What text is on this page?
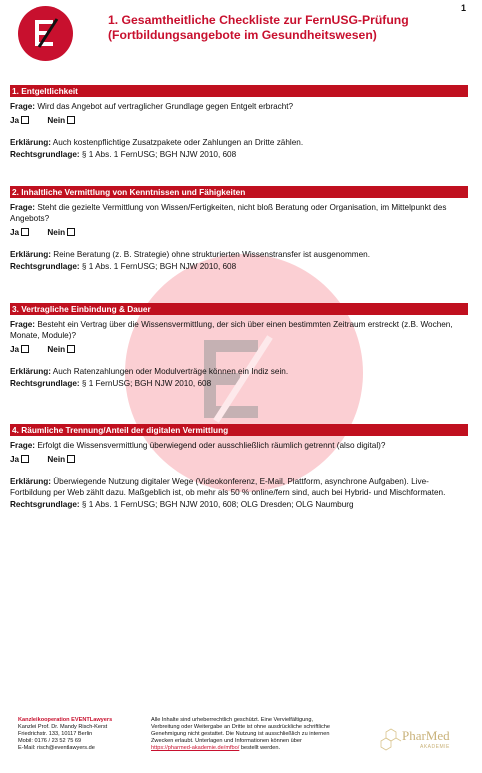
1. Gesamtheitliche Checkliste zur FernUSG-Prüfung
(Fortbildungsangebote im Gesundheitswesen)
1
1. Entgeltlichkeit
Frage: Wird das Angebot auf vertraglicher Grundlage gegen Entgelt erbracht?
Ja	Nein
Erklärung: Auch kostenpflichtige Zusatzpakete oder Zahlungen an Dritte zählen.
Rechtsgrundlage: § 1 Abs. 1 FernUSG; BGH NJW 2010, 608
2. Inhaltliche Vermittlung von Kenntnissen und Fähigkeiten
Frage: Steht die gezielte Vermittlung von Wissen/Fertigkeiten, nicht bloß Beratung oder Organisation, im Mittelpunkt des Angebots?
Ja	Nein
Erklärung: Reine Beratung (z. B. Strategie) ohne strukturierten Wissenstransfer ist ausgenommen.
Rechtsgrundlage: § 1 Abs. 1 FernUSG; BGH NJW 2010, 608
3. Vertragliche Einbindung & Dauer
Frage: Besteht ein Vertrag über die Wissensvermittlung, der sich über einen bestimmten Zeitraum erstreckt (z.B. Wochen, Monate, Module)?
Ja	Nein
Erklärung: Auch Ratenzahlungen oder Modulverträge können ein Indiz sein.
Rechtsgrundlage: § 1 FernUSG; BGH NJW 2010, 608
4. Räumliche Trennung/Anteil der digitalen Vermittlung
Frage: Erfolgt die Wissensvermittlung überwiegend oder ausschließlich räumlich getrennt (also digital)?
Ja	Nein
Erklärung: Überwiegende Nutzung digitaler Wege (Videokonferenz, E-Mail, Plattform, asynchrone Aufgaben). Live-Fortbildung per Web zählt dazu. Maßgeblich ist, ob mehr als 50 % online/fern sind, auch bei Hybrid- und Mischformaten.
Rechtsgrundlage: § 1 Abs. 1 FernUSG; BGH NJW 2010, 608; OLG Dresden; OLG Naumburg
Kanzleikooperation EVENTLawyers
Kanzlei Prof. Dr. Mandy Risch-Kerst
Friedrichstr. 133, 10117 Berlin
Mobil: 0176 / 23 52 75 69
E-Mail: risch@eventlawyers.de
Alle Inhalte sind urheberrechtlich geschützt. Eine Vervielfältigung,
Verbreitung oder Weitergabe an Dritte ist ohne ausdrückliche schriftliche
Genehmigung nicht gestattet. Die Nutzung ist ausschließlich zu internen
Zwecken erlaubt. Unterlagen und Informationen können über
https://pharmed-akademie.de/mfbo/ bestellt werden.
PharMed
AKADEMIE
